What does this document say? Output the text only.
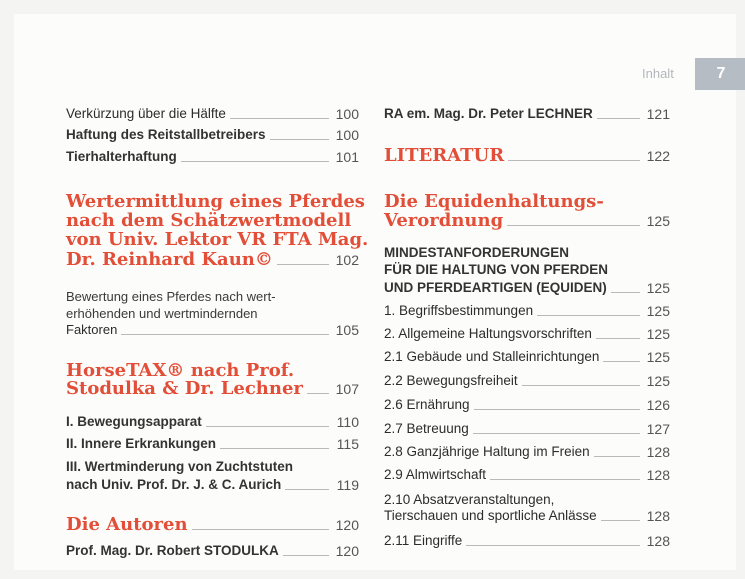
Inhalt	7
Verkürzung über die Hälfte	100
Haftung des Reitstallbetreibers	100
Tierhalterhaftung	101
Wertermittlung eines Pferdes
nach dem Schätzwertmodell
von Univ. Lektor VR FTA Mag.
Dr. Reinhard Kaun©	102
Bewertung eines Pferdes nach wert-
erhöhenden und wertmindernden
Faktoren	105
HorseTAX® nach Prof.
Stodulka & Dr. Lechner 107
I. Bewegungsapparat	110
II. Innere Erkrankungen	115
III. Wertminderung von Zuchtstuten
nach Univ. Prof. Dr. J. & C. Aurich	119
Die Autoren	120
Prof. Mag. Dr. Robert STODULKA	120
RA em. Mag. Dr. Peter LECHNER	121
LITERATUR	122
Die Equidenhaltungs-
Verordnung	125
MINDESTANFORDERUNGEN
FÜR DIE HALTUNG VON PFERDEN
UND PFERDEARTIGEN (EQUIDEN)	125
1. Begriffsbestimmungen	125
2. Allgemeine Haltungsvorschriften	125
2.1 Gebäude und Stalleinrichtungen	125
2.2 Bewegungsfreiheit	125
2.6 Ernährung	126
2.7 Betreuung	127
2.8 Ganzjährige Haltung im Freien	128
2.9 Almwirtschaft	128
2.10 Absatzveranstaltungen,
Tierschauen und sportliche Anlässe	128
2.11 Eingriffe	128
